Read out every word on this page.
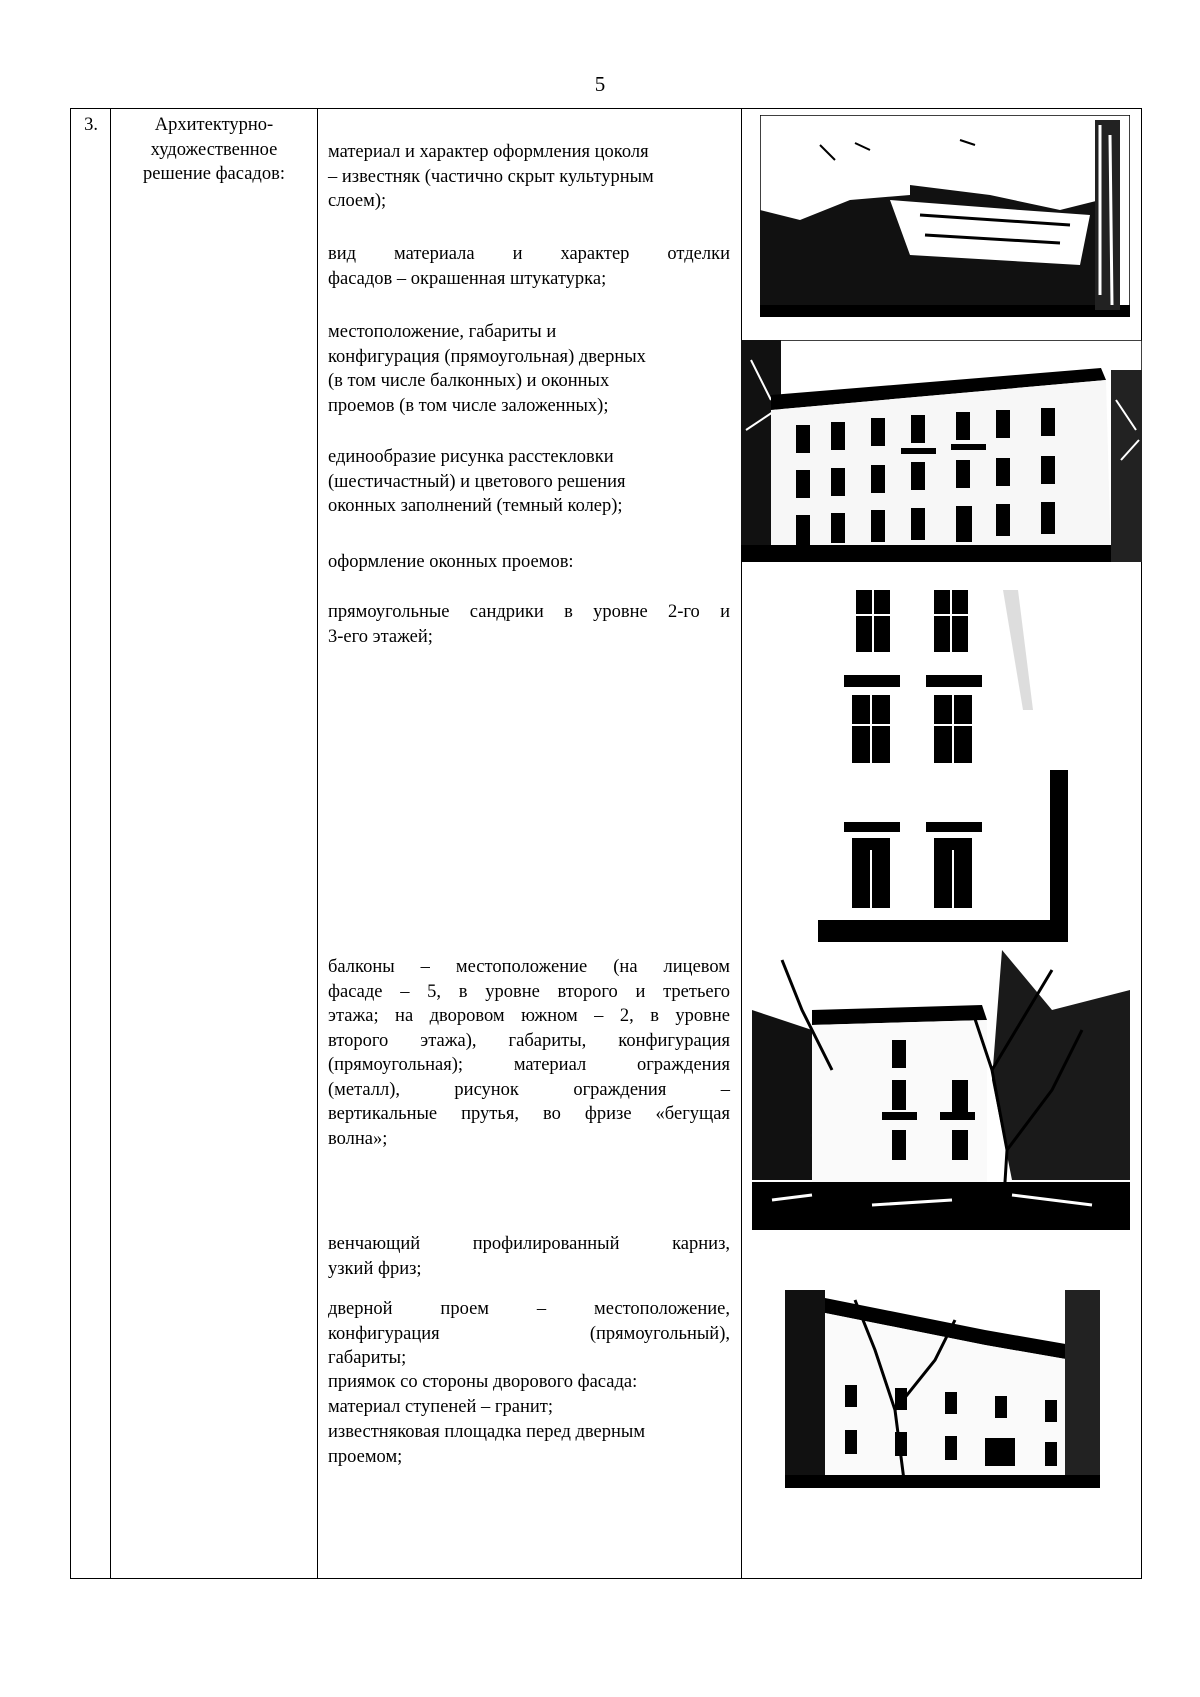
5
3.	Архитектурно-
художественное
решение фасадов:
материал и характер оформления цоколя
– известняк (частично скрыт культурным
слоем);
вид материала и характер отделки
фасадов – окрашенная штукатурка;
местоположение, габариты и
конфигурация (прямоугольная) дверных
(в том числе балконных) и оконных
проемов (в том числе заложенных);
единообразие рисунка расстекловки
(шестичастный) и цветового решения
оконных заполнений (темный колер);
оформление оконных проемов:
прямоугольные сандрики в уровне 2-го и
3-его этажей;
балконы – местоположение (на лицевом
фасаде – 5, в уровне второго и третьего
этажа; на дворовом южном – 2, в уровне
второго этажа), габариты, конфигурация
(прямоугольная); материал ограждения
(металл), рисунок ограждения –
вертикальные прутья, во фризе «бегущая
волна»;
венчающий профилированный карниз,
узкий фриз;
дверной проем – местоположение,
конфигурация (прямоугольный),
габариты;
приямок со стороны дворового фасада:
материал ступеней – гранит;
известняковая площадка перед дверным
проемом;
